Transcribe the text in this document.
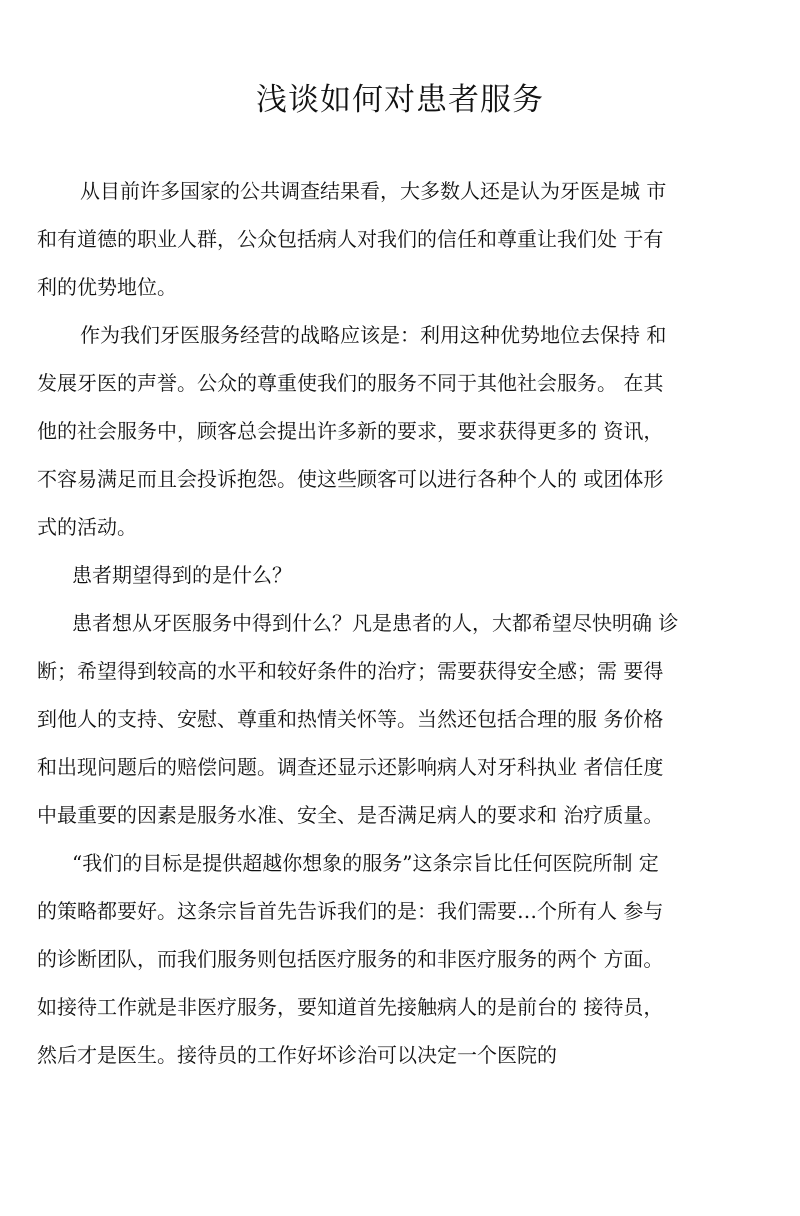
浅谈如何对患者服务
从目前许多国家的公共调查结果看，大多数人还是认为牙医是城 市
和有道德的职业人群，公众包括病人对我们的信任和尊重让我们处 于有
利的优势地位。
作为我们牙医服务经营的战略应该是：利用这种优势地位去保持 和
发展牙医的声誉。公众的尊重使我们的服务不同于其他社会服务。 在其
他的社会服务中，顾客总会提出许多新的要求，要求获得更多的 资讯，
不容易满足而且会投诉抱怨。使这些顾客可以进行各种个人的 或团体形
式的活动。
患者期望得到的是什么？
患者想从牙医服务中得到什么？凡是患者的人，大都希望尽快明确 诊
断；希望得到较高的水平和较好条件的治疗；需要获得安全感；需 要得
到他人的支持、安慰、尊重和热情关怀等。当然还包括合理的服 务价格
和出现问题后的赔偿问题。调查还显示还影响病人对牙科执业 者信任度
中最重要的因素是服务水准、安全、是否满足病人的要求和 治疗质量。
“我们的目标是提供超越你想象的服务”这条宗旨比任何医院所制 定
的策略都要好。这条宗旨首先告诉我们的是：我们需要…个所有人 参与
的诊断团队，而我们服务则包括医疗服务的和非医疗服务的两个 方面。
如接待工作就是非医疗服务，要知道首先接触病人的是前台的 接待员，
然后才是医生。接待员的工作好坏诊治可以决定一个医院的
